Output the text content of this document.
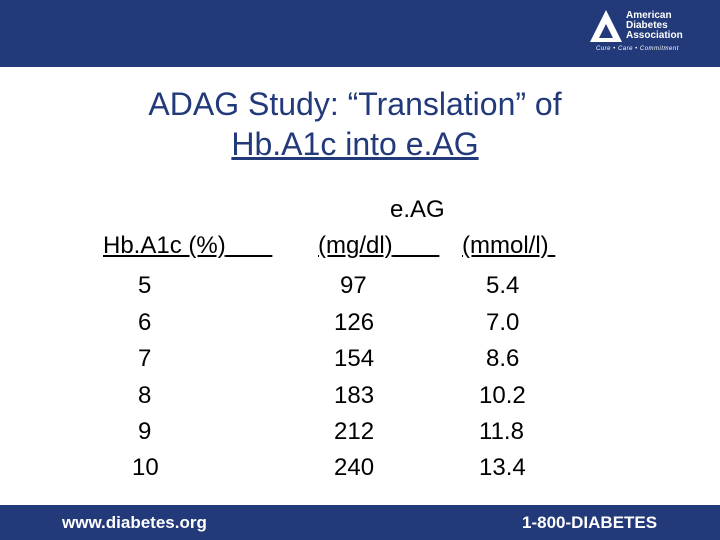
American
Diabetes
Association
Cure • Care • Commitment
ADAG Study: “Translation” of
Hb.A1c into e.AG
e.AG
Hb.A1c (%)	(mg/dl)	(mmol/l)
5	97	5.4
6	126	7.0
7	154	8.6
8	183	10.2
9	212	11.8
10	240	13.4
www.diabetes.org	1-800-DIABETES
